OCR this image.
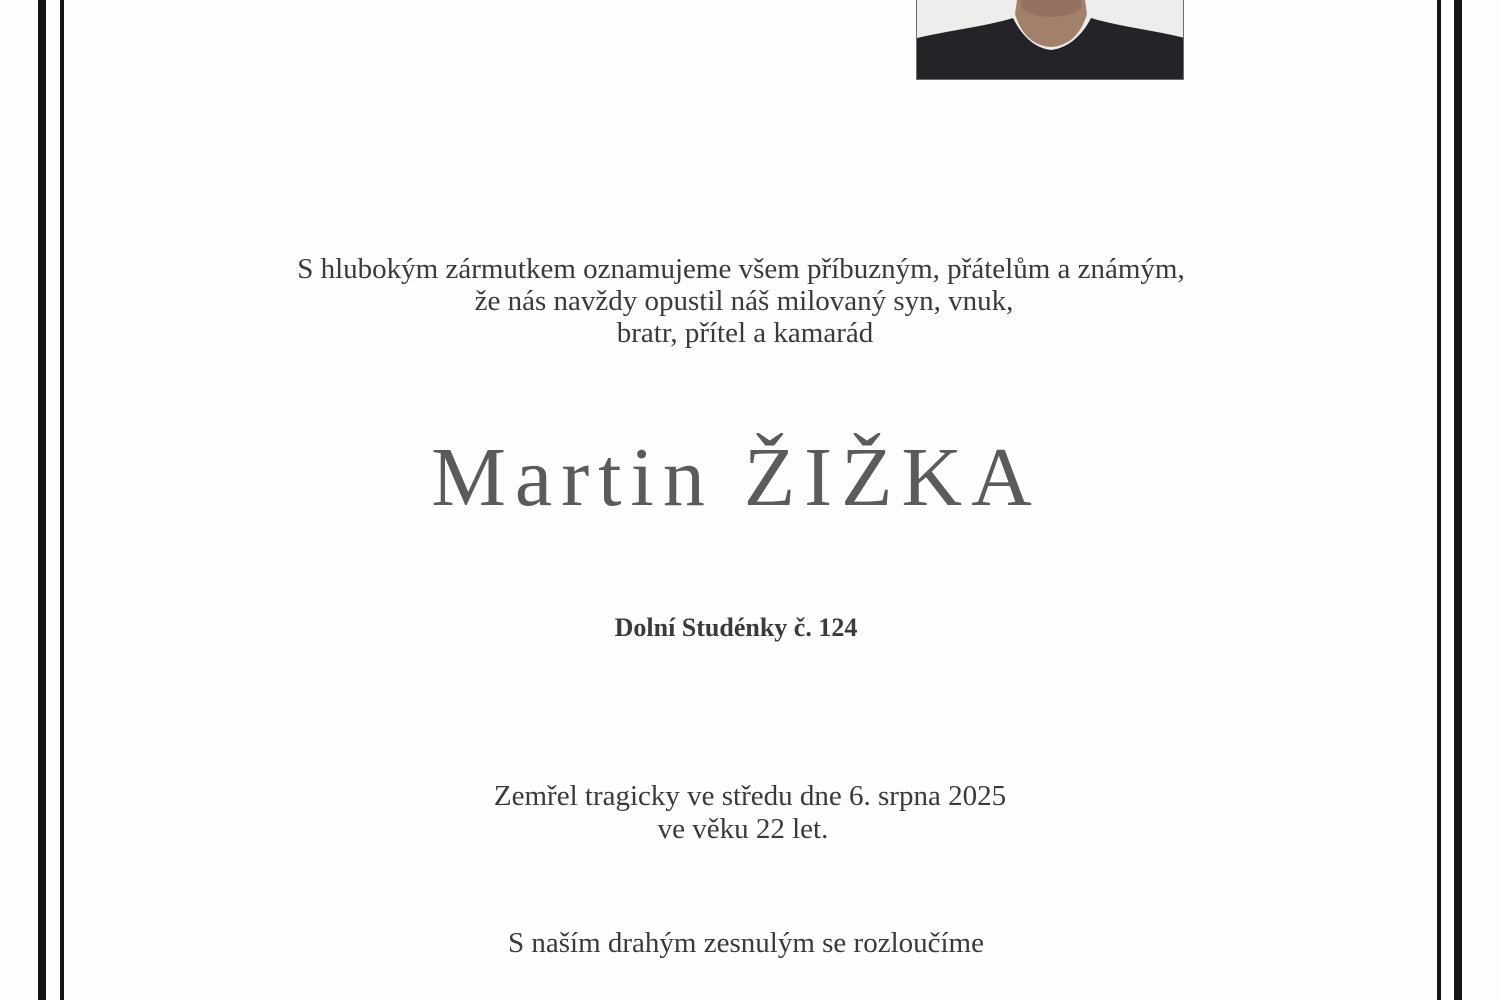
S hlubokým zármutkem oznamujeme všem příbuzným, přátelům a známým,
že nás navždy opustil náš milovaný syn, vnuk,
bratr, přítel a kamarád
Martin ŽIŽKA
Dolní Studénky č. 124
Zemřel tragicky ve středu dne 6. srpna 2025
ve věku 22 let.
S naším drahým zesnulým se rozloučíme
